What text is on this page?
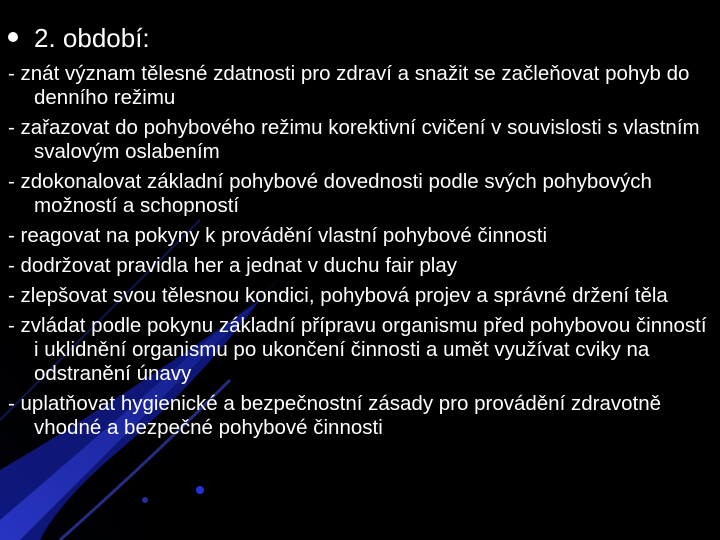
2. období:
- znát význam tělesné zdatnosti pro zdraví a snažit se začleňovat pohyb do denního režimu
- zařazovat do pohybového režimu korektivní cvičení v souvislosti s vlastním svalovým oslabením
- zdokonalovat základní pohybové dovednosti podle svých pohybových možností a schopností
- reagovat na pokyny k provádění vlastní pohybové činnosti
- dodržovat pravidla her a jednat v duchu fair play
- zlepšovat svou tělesnou kondici, pohybová projev a správné držení těla
- zvládat podle pokynu základní přípravu organismu před pohybovou činností i uklidnění organismu po ukončení činnosti a umět využívat cviky na odstranění únavy
- uplatňovat hygienické a bezpečnostní zásady pro provádění zdravotně vhodné a bezpečné pohybové činnosti
